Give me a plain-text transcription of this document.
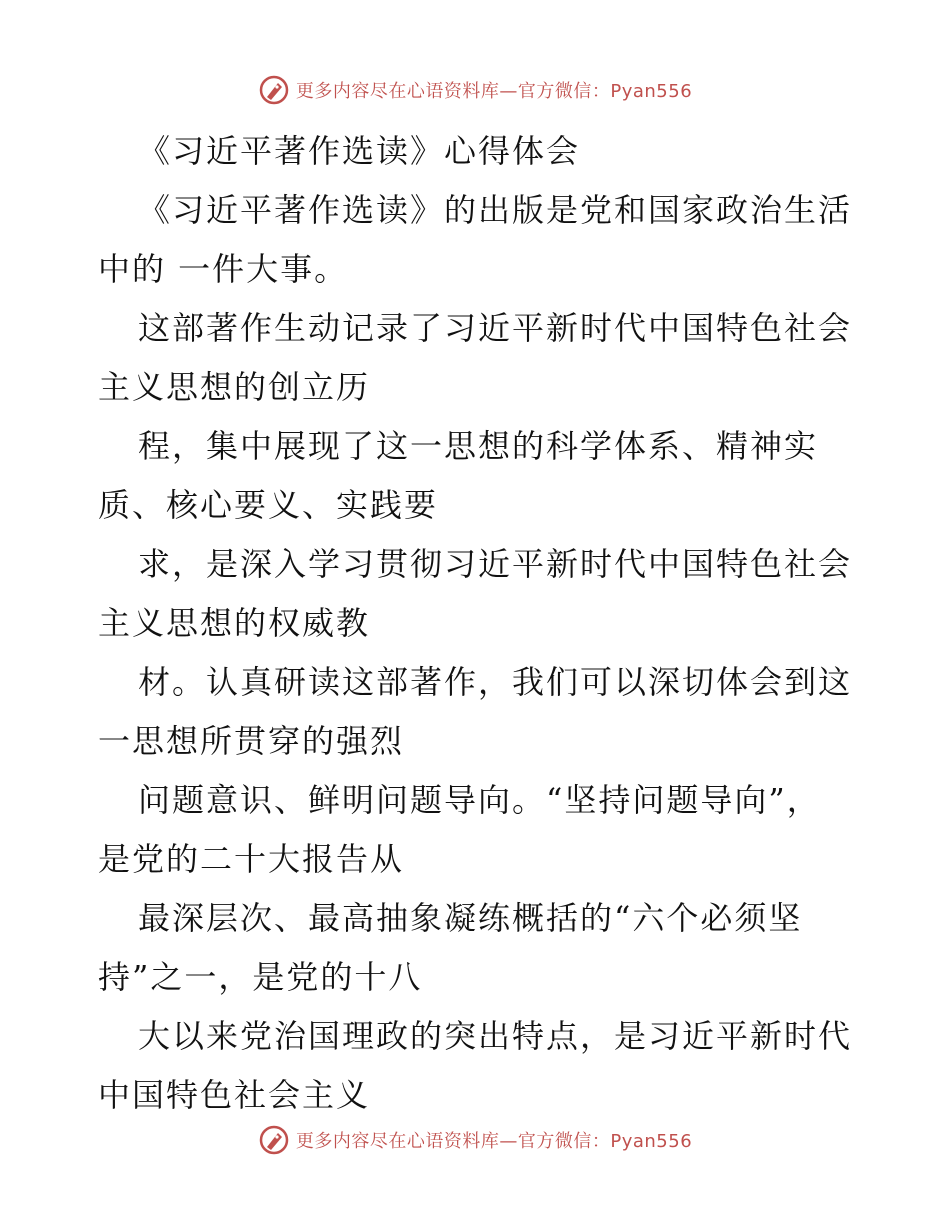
更多内容尽在心语资料库—官方微信：Pyan556
《习近平著作选读》心得体会
《习近平著作选读》的出版是党和国家政治生活
中的 一件大事。
这部著作生动记录了习近平新时代中国特色社会
主义思想的创立历
程，集中展现了这一思想的科学体系、精神实
质、核心要义、实践要
求，是深入学习贯彻习近平新时代中国特色社会
主义思想的权威教
材。认真研读这部著作，我们可以深切体会到这
一思想所贯穿的强烈
问题意识、鲜明问题导向。“坚持问题导向”，
是党的二十大报告从
最深层次、最高抽象凝练概括的“六个必须坚
持”之一，是党的十八
大以来党治国理政的突出特点，是习近平新时代
中国特色社会主义
更多内容尽在心语资料库—官方微信：Pyan556
